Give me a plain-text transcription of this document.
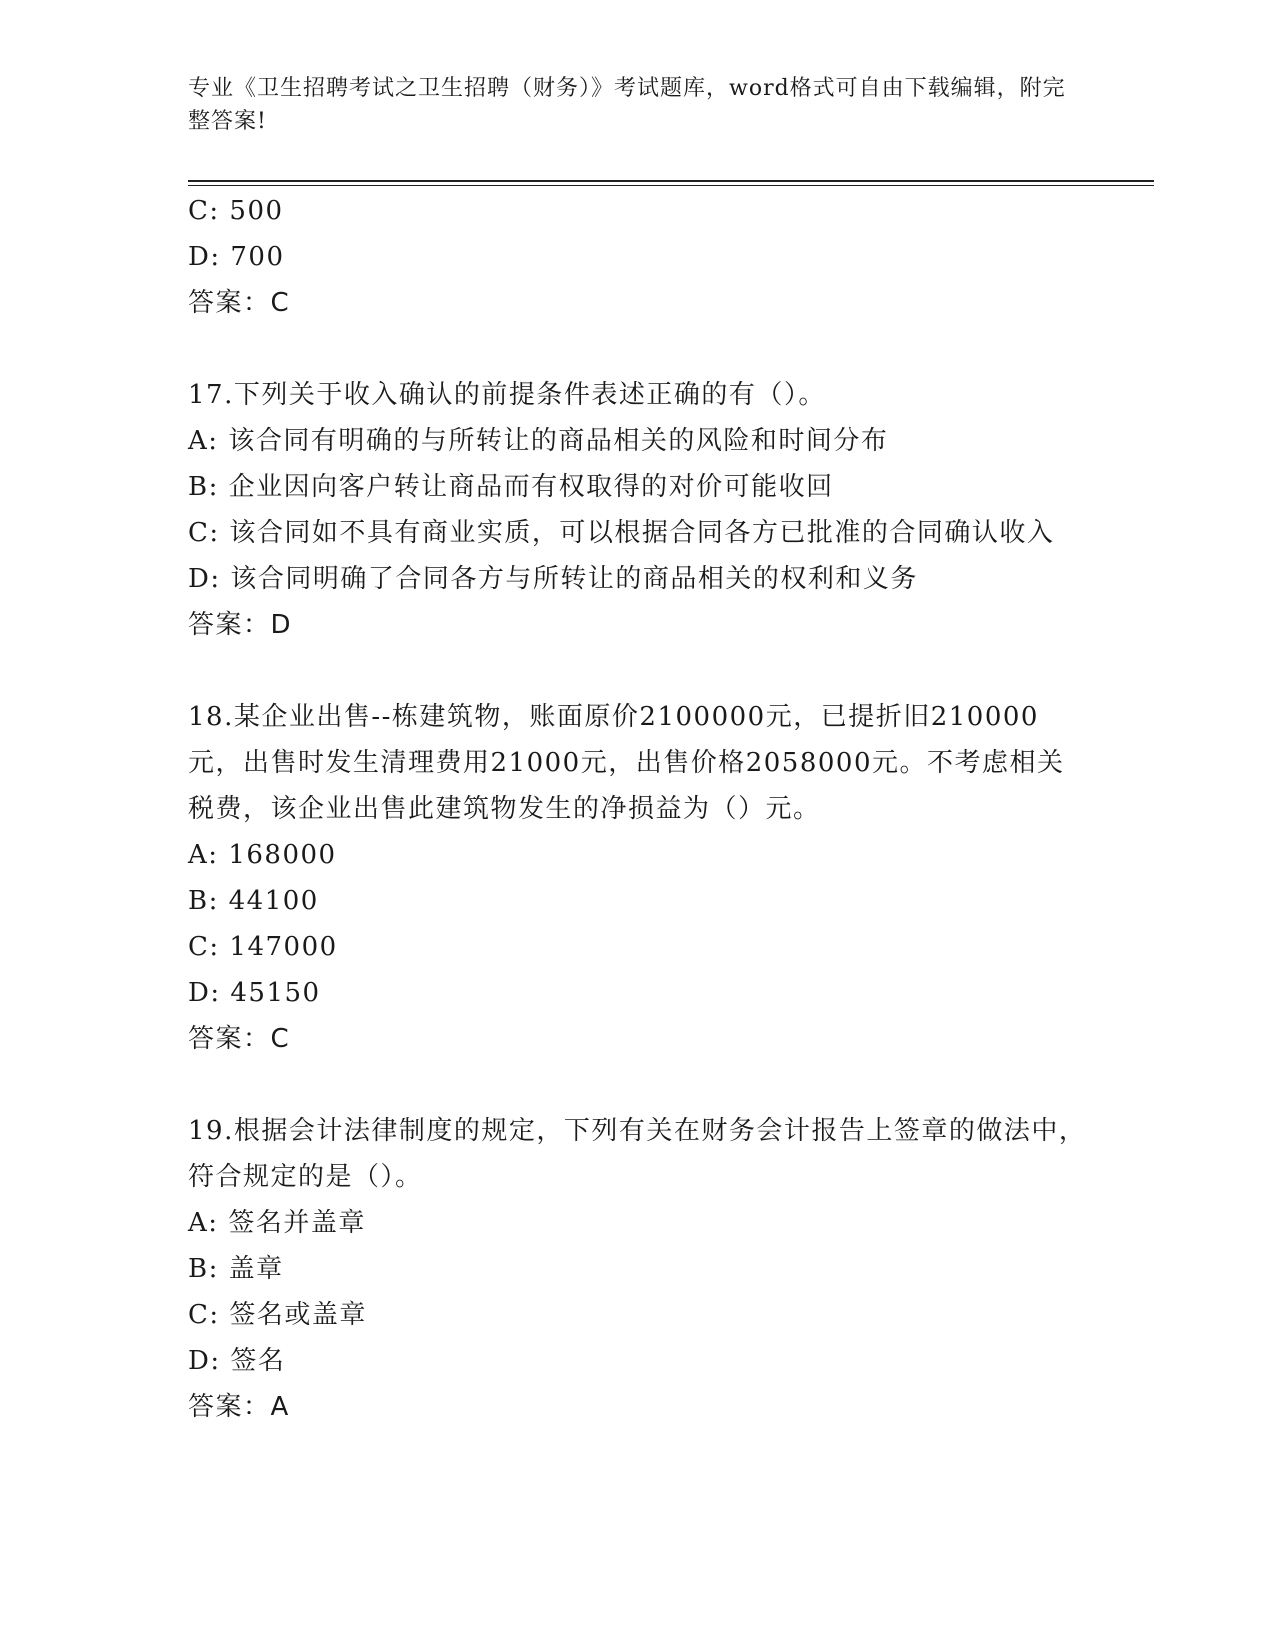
专业《卫生招聘考试之卫生招聘（财务）》考试题库，word格式可自由下载编辑，附完整答案!

C: 500

D: 700

答案：C

17.下列关于收入确认的前提条件表述正确的有（）。

A: 该合同有明确的与所转让的商品相关的风险和时间分布

B: 企业因向客户转让商品而有权取得的对价可能收回

C: 该合同如不具有商业实质，可以根据合同各方已批准的合同确认收入

D: 该合同明确了合同各方与所转让的商品相关的权利和义务

答案：D

18.某企业出售--栋建筑物，账面原价2100000元，已提折旧210000元，出售时发生清理费用21000元，出售价格2058000元。不考虑相关税费，该企业出售此建筑物发生的净损益为（）元。

A: 168000

B: 44100

C: 147000

D: 45150

答案：C

19.根据会计法律制度的规定，下列有关在财务会计报告上签章的做法中，符合规定的是（）。

A: 签名并盖章

B: 盖章

C: 签名或盖章

D: 签名

答案：A
